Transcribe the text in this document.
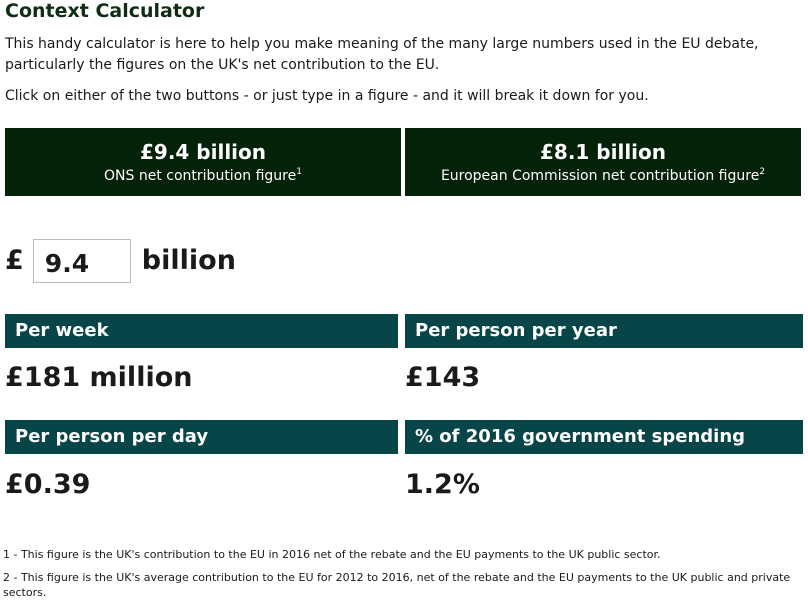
Context Calculator

This handy calculator is here to help you make meaning of the many large numbers used in the EU debate, particularly the figures on the UK's net contribution to the EU.

Click on either of the two buttons - or just type in a figure - and it will break it down for you.

£9.4 billion
ONS net contribution figure$^1$
£8.1 billion
European Commission net contribution figure$^2$
£
9.4	billion
Per week
£181 million
Per person per year
£143
Per person per day
£0.39
% of 2016 government spending
1.2%

1 - This figure is the UK's contribution to the EU in 2016 net of the rebate and the EU payments to the UK public sector.

2 - This figure is the UK's average contribution to the EU for 2012 to 2016, net of the rebate and the EU payments to the UK public and private sectors.
